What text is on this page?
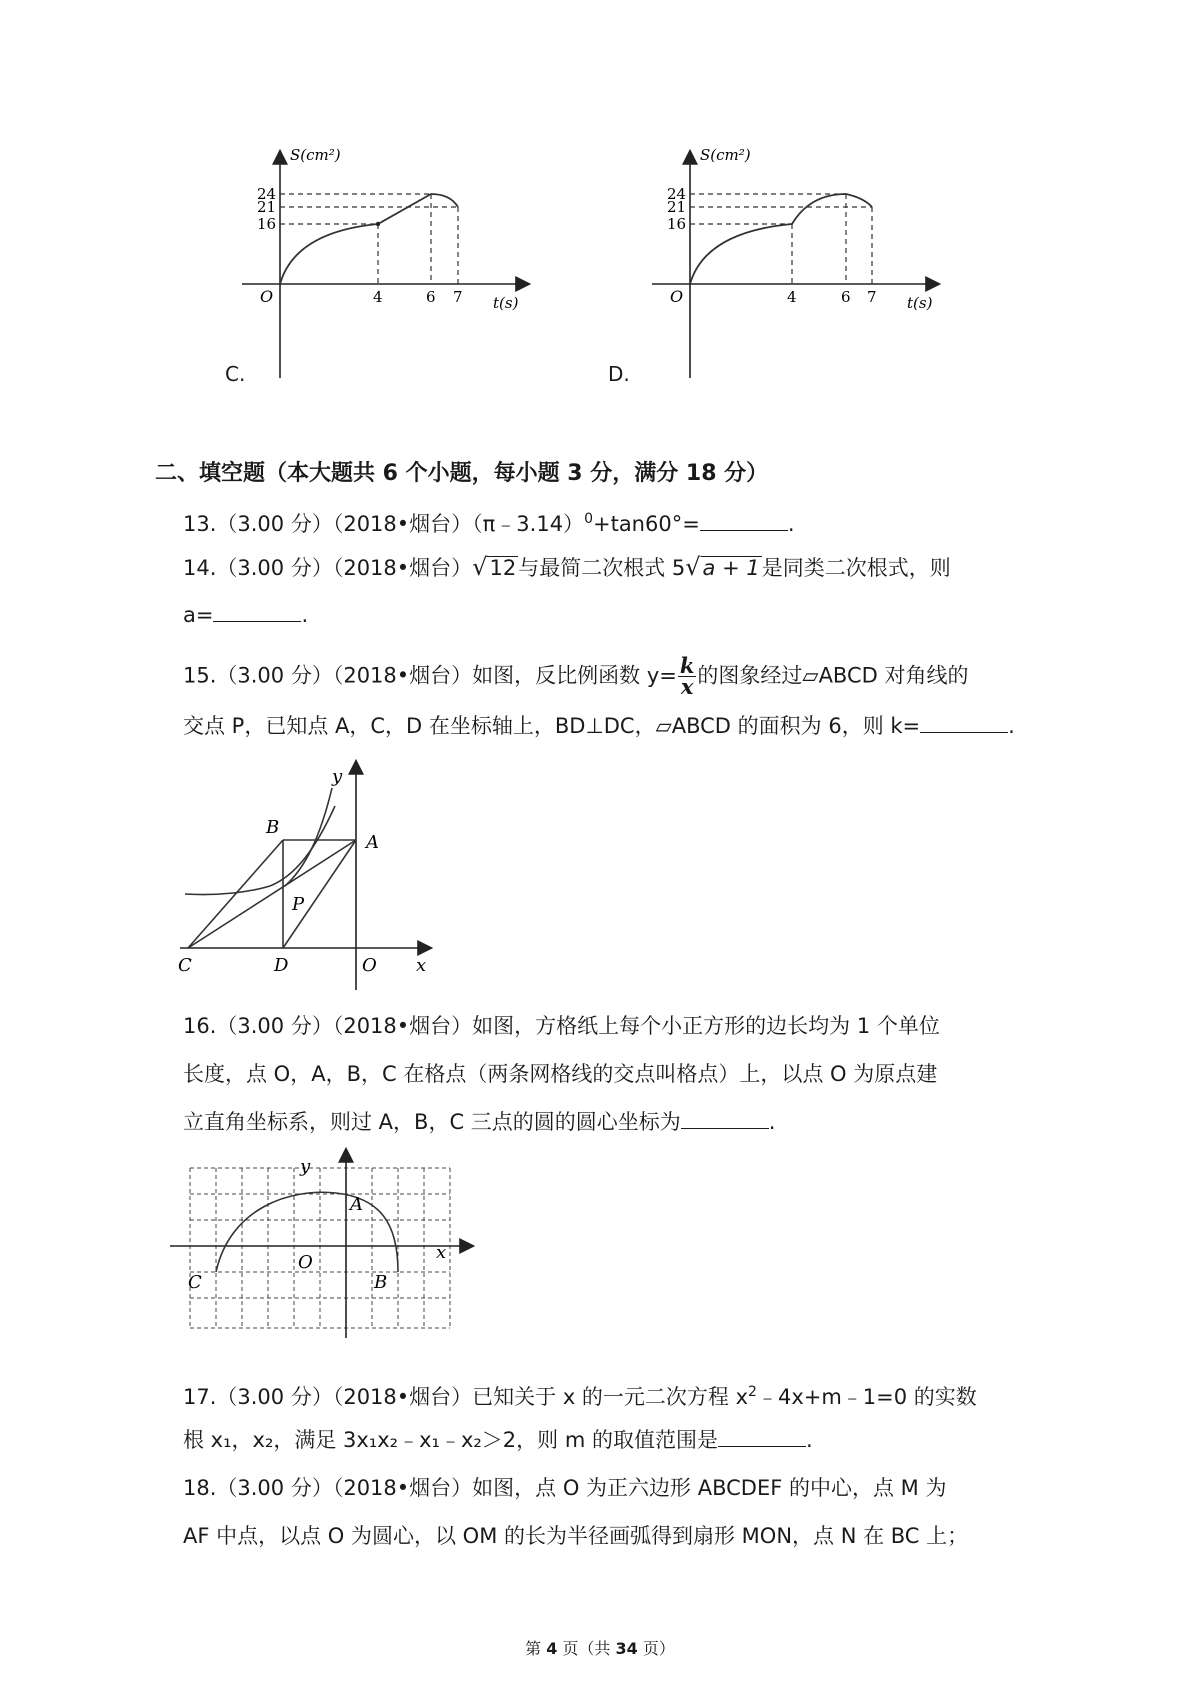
S(cm²)
24
21
16
O	4	6 7 t(s)
C.
S(cm²)
24
21
16
O	4	6 7 t(s)
D.
二、填空题（本大题共 6 个小题，每小题 3 分，满分 18 分）
13.（3.00 分）（2018•烟台）（π﹣3.14）$^0$+tan60°=	.
14.（3.00 分）（2018•烟台）√12与最简二次根式 5√a + 1是同类二次根式，则
a=	.
15.（3.00 分）（2018•烟台）如图，反比例函数 $y= \frac{k}{x}$ 的图象经过▱ABCD 对角线的
交点 P，已知点 A，C，D 在坐标轴上，BD⊥DC，▱ABCD 的面积为 6，则 k=	.
y
B
A
P
C	D	O x
16.（3.00 分）（2018•烟台）如图，方格纸上每个小正方形的边长均为 1 个单位
长度，点 O，A，B，C 在格点（两条网格线的交点叫格点）上，以点 O 为原点建
立直角坐标系，则过 A，B，C 三点的圆的圆心坐标为	.
y
A
O	x
C	B
17.（3.00 分）（2018•烟台）已知关于 x 的一元二次方程 $x^2﹣4x+m﹣1=0$ 的实数
根 x₁，x₂，满足 3x₁x₂﹣x₁﹣x₂＞2，则 m 的取值范围是	.
18.（3.00 分）（2018•烟台）如图，点 O 为正六边形 ABCDEF 的中心，点 M 为
AF 中点，以点 O 为圆心，以 OM 的长为半径画弧得到扇形 MON，点 N 在 BC 上；
第 4 页（共 34 页）
